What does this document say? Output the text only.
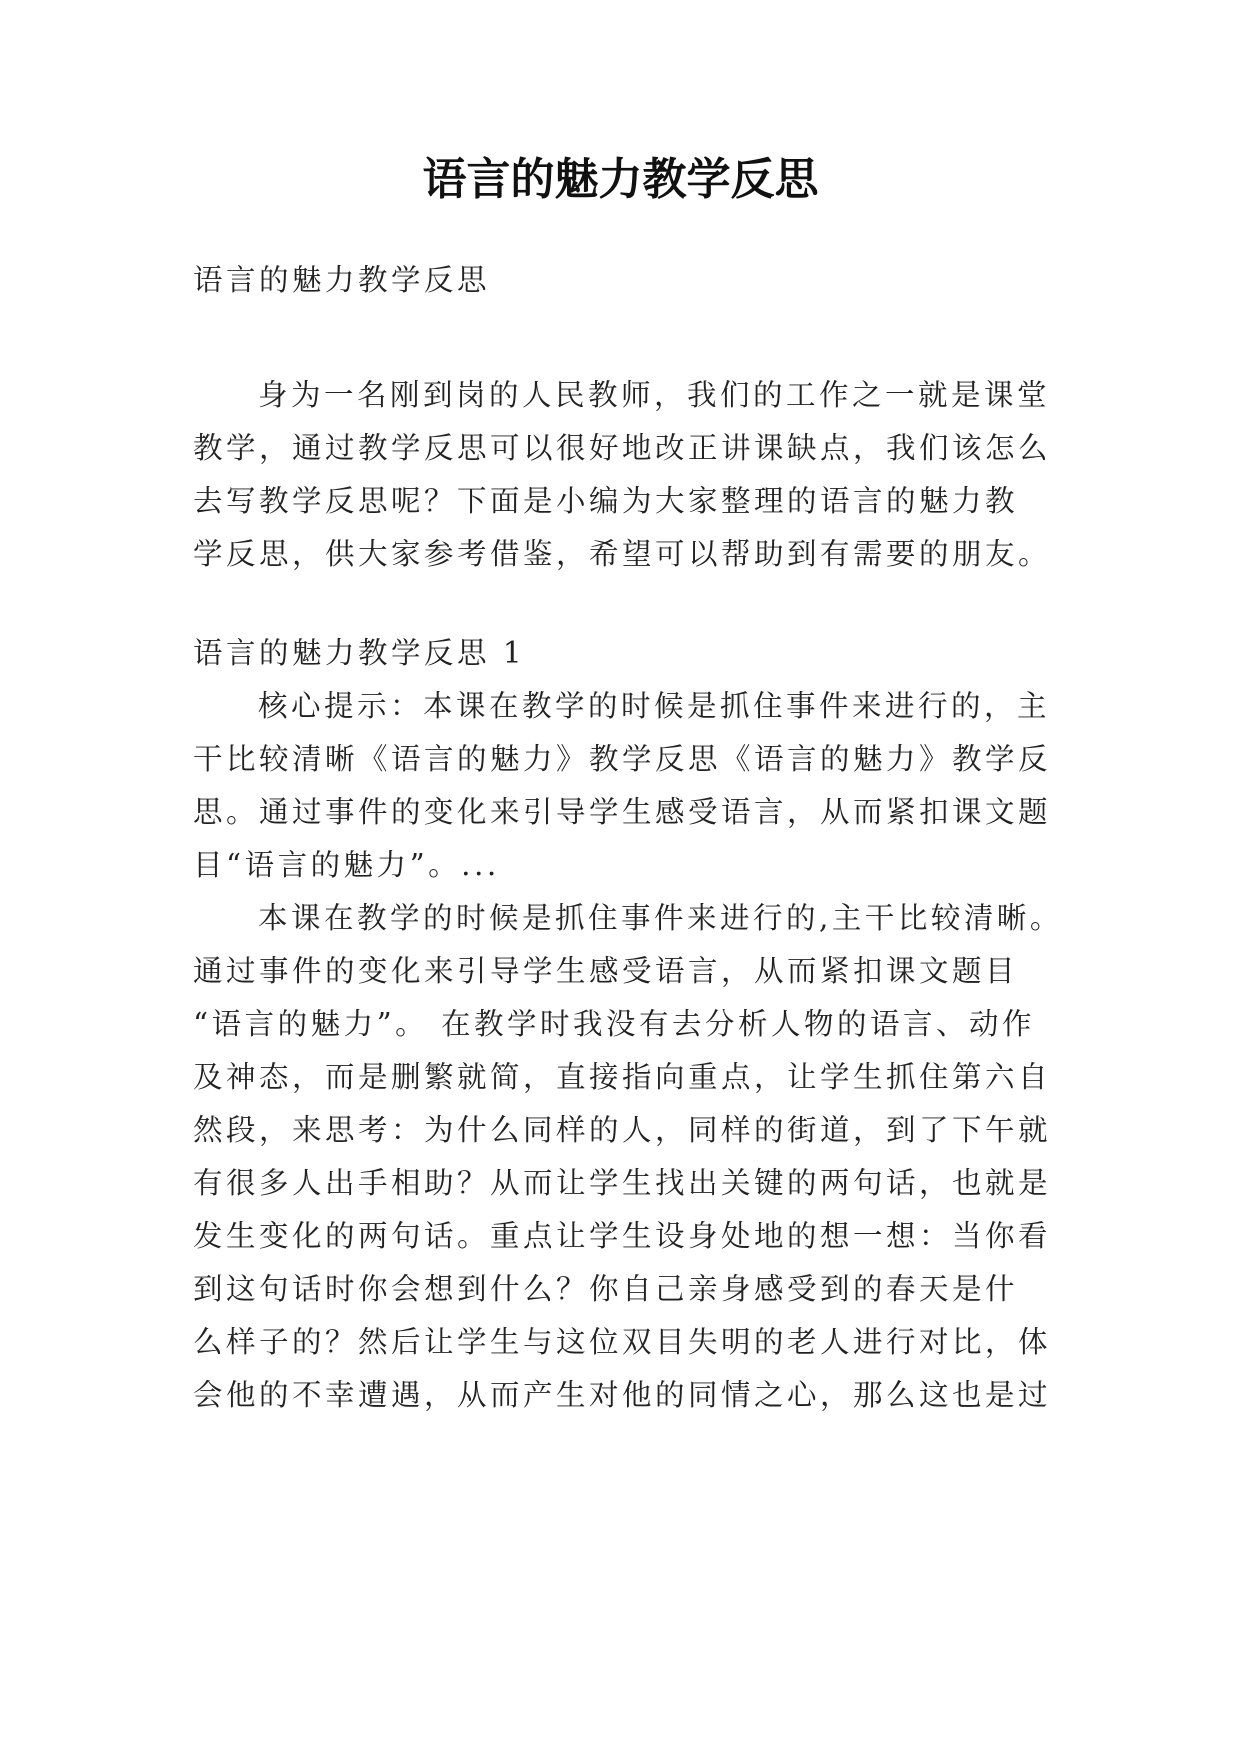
语言的魅力教学反思

语言的魅力教学反思

身为一名刚到岗的人民教师，我们的工作之一就是课堂

教学，通过教学反思可以很好地改正讲课缺点，我们该怎么

去写教学反思呢？下面是小编为大家整理的语言的魅力教

学反思，供大家参考借鉴，希望可以帮助到有需要的朋友。

语言的魅力教学反思 1

核心提示：本课在教学的时候是抓住事件来进行的，主

干比较清晰《语言的魅力》教学反思《语言的魅力》教学反

思。通过事件的变化来引导学生感受语言，从而紧扣课文题

目“语言的魅力”。...

本课在教学的时候是抓住事件来进行的,主干比较清晰。

通过事件的变化来引导学生感受语言，从而紧扣课文题目

“语言的魅力”。 在教学时我没有去分析人物的语言、动作

及神态，而是删繁就简，直接指向重点，让学生抓住第六自

然段，来思考：为什么同样的人，同样的街道，到了下午就

有很多人出手相助？从而让学生找出关键的两句话，也就是

发生变化的两句话。重点让学生设身处地的想一想：当你看

到这句话时你会想到什么？你自己亲身感受到的春天是什

么样子的？然后让学生与这位双目失明的老人进行对比，体

会他的不幸遭遇，从而产生对他的同情之心，那么这也是过
